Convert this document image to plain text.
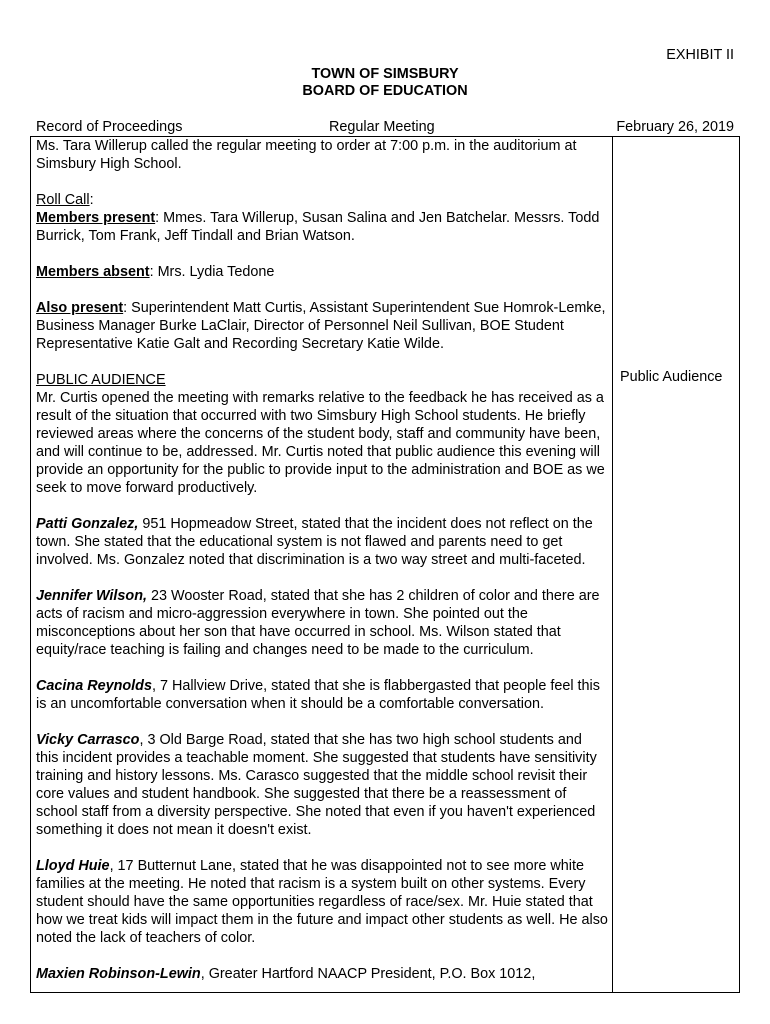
EXHIBIT II
TOWN OF SIMSBURY
BOARD OF EDUCATION
Record of Proceedings	Regular Meeting	February 26, 2019

Ms. Tara Willerup called the regular meeting to order at 7:00 p.m. in the auditorium at Simsbury High School.

Roll Call:
Members present: Mmes. Tara Willerup, Susan Salina and Jen Batchelar. Messrs. Todd Burrick, Tom Frank, Jeff Tindall and Brian Watson.

Members absent: Mrs. Lydia Tedone

Also present: Superintendent Matt Curtis, Assistant Superintendent Sue Homrok-Lemke, Business Manager Burke LaClair, Director of Personnel Neil Sullivan, BOE Student Representative Katie Galt and Recording Secretary Katie Wilde.

PUBLIC AUDIENCE
Mr. Curtis opened the meeting with remarks relative to the feedback he has received as a result of the situation that occurred with two Simsbury High School students. He briefly reviewed areas where the concerns of the student body, staff and community have been, and will continue to be, addressed. Mr. Curtis noted that public audience this evening will provide an opportunity for the public to provide input to the administration and BOE as we seek to move forward productively.

Patti Gonzalez, 951 Hopmeadow Street, stated that the incident does not reflect on the town. She stated that the educational system is not flawed and parents need to get involved. Ms. Gonzalez noted that discrimination is a two way street and multi-faceted.

Jennifer Wilson, 23 Wooster Road, stated that she has 2 children of color and there are acts of racism and micro-aggression everywhere in town. She pointed out the misconceptions about her son that have occurred in school. Ms. Wilson stated that equity/race teaching is failing and changes need to be made to the curriculum.

Cacina Reynolds, 7 Hallview Drive, stated that she is flabbergasted that people feel this is an uncomfortable conversation when it should be a comfortable conversation.

Vicky Carrasco, 3 Old Barge Road, stated that she has two high school students and this incident provides a teachable moment. She suggested that students have sensitivity training and history lessons. Ms. Carasco suggested that the middle school revisit their core values and student handbook. She suggested that there be a reassessment of school staff from a diversity perspective. She noted that even if you haven't experienced something it does not mean it doesn't exist.

Lloyd Huie, 17 Butternut Lane, stated that he was disappointed not to see more white families at the meeting. He noted that racism is a system built on other systems. Every student should have the same opportunities regardless of race/sex. Mr. Huie stated that how we treat kids will impact them in the future and impact other students as well. He also noted the lack of teachers of color.

Maxien Robinson-Lewin, Greater Hartford NAACP President, P.O. Box 1012,

Public Audience
